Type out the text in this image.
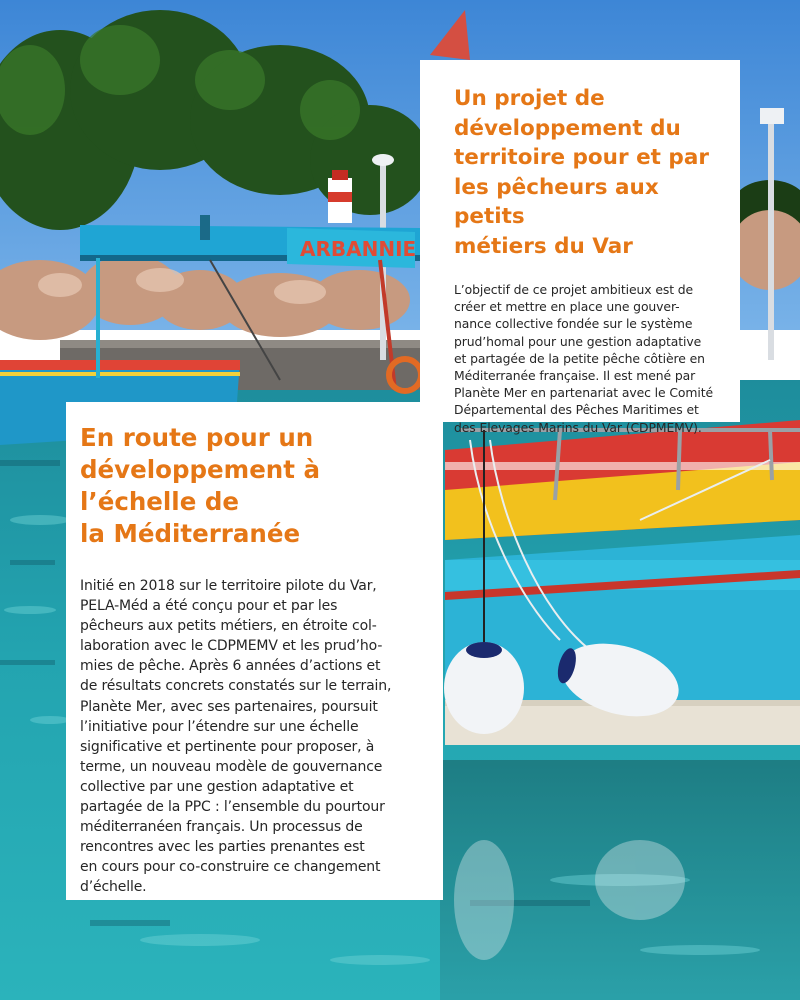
ARBANNIE
Un projet de
développement du
territoire pour et par
les pêcheurs aux petits
métiers du Var

L’objectif de ce projet ambitieux est de
créer et mettre en place une gouver-
nance collective fondée sur le système
prud’homal pour une gestion adaptative
et partagée de la petite pêche côtière en
Méditerranée française. Il est mené par
Planète Mer en partenariat avec le Comité
Départemental des Pêches Maritimes et
des Elevages Marins du Var (CDPMEMV).

En route pour un
développement à
l’échelle de
la Méditerranée

Initié en 2018 sur le territoire pilote du Var,
PELA-Méd a été conçu pour et par les
pêcheurs aux petits métiers, en étroite col-
laboration avec le CDPMEMV et les prud’ho-
mies de pêche. Après 6 années d’actions et
de résultats concrets constatés sur le terrain,
Planète Mer, avec ses partenaires, poursuit
l’initiative pour l’étendre sur une échelle
significative et pertinente pour proposer, à
terme, un nouveau modèle de gouvernance
collective par une gestion adaptative et
partagée de la PPC : l’ensemble du pourtour
méditerranéen français. Un processus de
rencontres avec les parties prenantes est
en cours pour co-construire ce changement
d’échelle.
